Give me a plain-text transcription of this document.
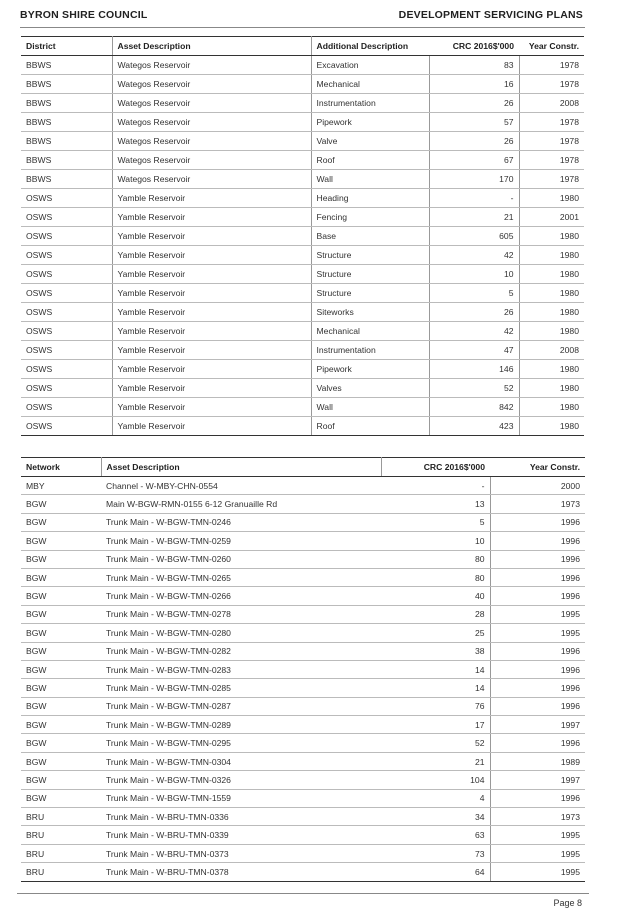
BYRON SHIRE COUNCIL	DEVELOPMENT SERVICING PLANS
District	Asset Description	Additional Description	CRC 2016$'000	Year Constr.
BBWS	Wategos Reservoir	Excavation	83	1978
BBWS	Wategos Reservoir	Mechanical	16	1978
BBWS	Wategos Reservoir	Instrumentation	26	2008
BBWS	Wategos Reservoir	Pipework	57	1978
BBWS	Wategos Reservoir	Valve	26	1978
BBWS	Wategos Reservoir	Roof	67	1978
BBWS	Wategos Reservoir	Wall	170	1978
OSWS	Yamble Reservoir	Heading	-	1980
OSWS	Yamble Reservoir	Fencing	21	2001
OSWS	Yamble Reservoir	Base	605	1980
OSWS	Yamble Reservoir	Structure	42	1980
OSWS	Yamble Reservoir	Structure	10	1980
OSWS	Yamble Reservoir	Structure	5	1980
OSWS	Yamble Reservoir	Siteworks	26	1980
OSWS	Yamble Reservoir	Mechanical	42	1980
OSWS	Yamble Reservoir	Instrumentation	47	2008
OSWS	Yamble Reservoir	Pipework	146	1980
OSWS	Yamble Reservoir	Valves	52	1980
OSWS	Yamble Reservoir	Wall	842	1980
OSWS	Yamble Reservoir	Roof	423	1980
Network	Asset Description	CRC 2016$'000	Year Constr.
MBY	Channel - W-MBY-CHN-0554	-	2000
BGW	Main W-BGW-RMN-0155 6-12 Granuaille Rd	13	1973
BGW	Trunk Main - W-BGW-TMN-0246	5	1996
BGW	Trunk Main - W-BGW-TMN-0259	10	1996
BGW	Trunk Main - W-BGW-TMN-0260	80	1996
BGW	Trunk Main - W-BGW-TMN-0265	80	1996
BGW	Trunk Main - W-BGW-TMN-0266	40	1996
BGW	Trunk Main - W-BGW-TMN-0278	28	1995
BGW	Trunk Main - W-BGW-TMN-0280	25	1995
BGW	Trunk Main - W-BGW-TMN-0282	38	1996
BGW	Trunk Main - W-BGW-TMN-0283	14	1996
BGW	Trunk Main - W-BGW-TMN-0285	14	1996
BGW	Trunk Main - W-BGW-TMN-0287	76	1996
BGW	Trunk Main - W-BGW-TMN-0289	17	1997
BGW	Trunk Main - W-BGW-TMN-0295	52	1996
BGW	Trunk Main - W-BGW-TMN-0304	21	1989
BGW	Trunk Main - W-BGW-TMN-0326	104	1997
BGW	Trunk Main - W-BGW-TMN-1559	4	1996
BRU	Trunk Main - W-BRU-TMN-0336	34	1973
BRU	Trunk Main - W-BRU-TMN-0339	63	1995
BRU	Trunk Main - W-BRU-TMN-0373	73	1995
BRU	Trunk Main - W-BRU-TMN-0378	64	1995
Page 8
